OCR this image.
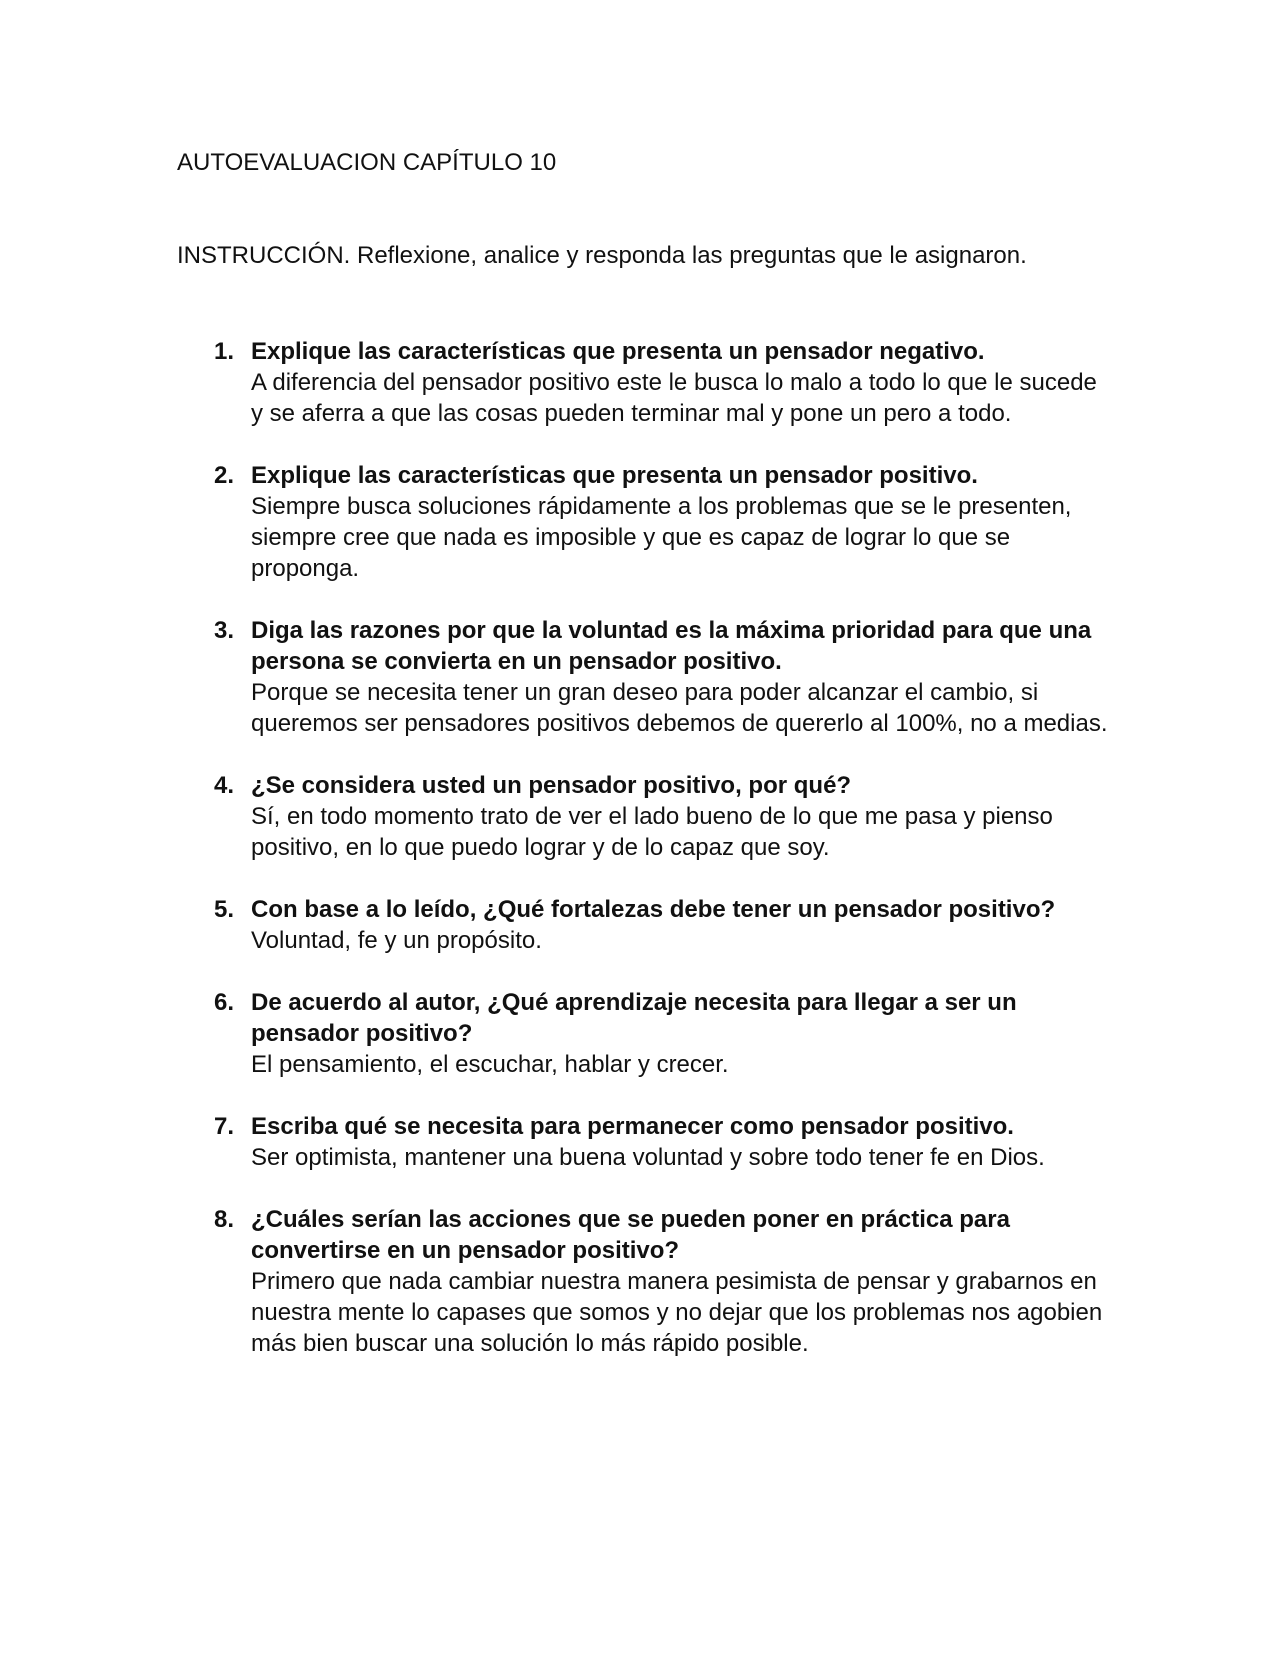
AUTOEVALUACION CAPÍTULO 10
INSTRUCCIÓN. Reflexione, analice y responda las preguntas que le asignaron.
1. Explique las características que presenta un pensador negativo.
A diferencia del pensador positivo este le busca lo malo a todo lo que le sucede y se aferra a que las cosas pueden terminar mal y pone un pero a todo.
2. Explique las características que presenta un pensador positivo.
Siempre busca soluciones rápidamente a los problemas que se le presenten, siempre cree que nada es imposible y que es capaz de lograr lo que se proponga.
3. Diga las razones por que la voluntad es la máxima prioridad para que una persona se convierta en un pensador positivo.
Porque se necesita tener un gran deseo para poder alcanzar el cambio, si queremos ser pensadores positivos debemos de quererlo al 100%, no a medias.
4. ¿Se considera usted un pensador positivo, por qué?
Sí, en todo momento trato de ver el lado bueno de lo que me pasa y pienso positivo, en lo que puedo lograr y de lo capaz que soy.
5. Con base a lo leído, ¿Qué fortalezas debe tener un pensador positivo?
Voluntad, fe y un propósito.
6. De acuerdo al autor, ¿Qué aprendizaje necesita para llegar a ser un pensador positivo?
El pensamiento, el escuchar, hablar y crecer.
7. Escriba qué se necesita para permanecer como pensador positivo.
Ser optimista, mantener una buena voluntad y sobre todo tener fe en Dios.
8. ¿Cuáles serían las acciones que se pueden poner en práctica para convertirse en un pensador positivo?
Primero que nada cambiar nuestra manera pesimista de pensar y grabarnos en nuestra mente lo capases que somos y no dejar que los problemas nos agobien más bien buscar una solución lo más rápido posible.
